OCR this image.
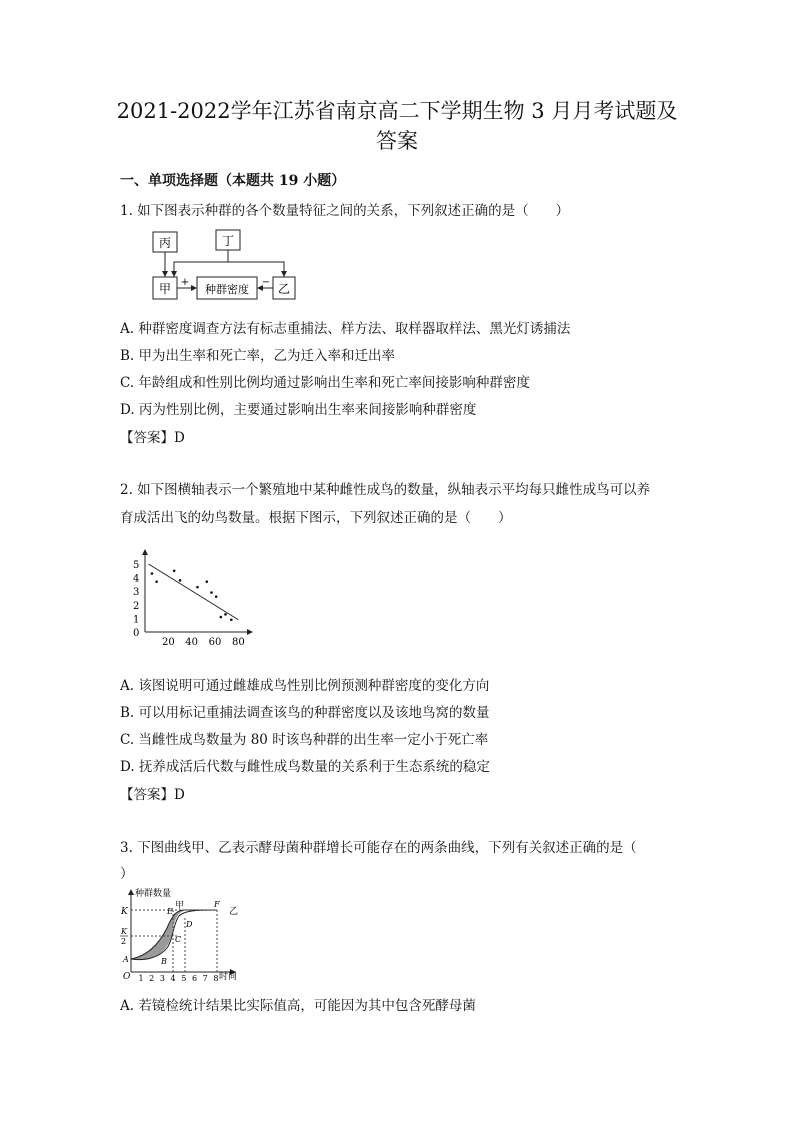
2021-2022学年江苏省南京高二下学期生物 3 月月考试题及
答案
一、单项选择题（本题共 19 小题）
1. 如下图表示种群的各个数量特征之间的关系，下列叙述正确的是（　　）
丙	丁
甲	种群密度 乙
+	−
A. 种群密度调查方法有标志重捕法、样方法、取样器取样法、黑光灯诱捕法
B. 甲为出生率和死亡率，乙为迁入率和迁出率
C. 年龄组成和性别比例均通过影响出生率和死亡率间接影响种群密度
D. 丙为性别比例，主要通过影响出生率来间接影响种群密度
【答案】D
2. 如下图横轴表示一个繁殖地中某种雌性成鸟的数量，纵轴表示平均每只雌性成鸟可以养
育成活出飞的幼鸟数量。根据下图示，下列叙述正确的是（　　）
0
1
2
3
4
5
20 40 60 80
A. 该图说明可通过雌雄成鸟性别比例预测种群密度的变化方向
B. 可以用标记重捕法调查该鸟的种群密度以及该地鸟窝的数量
C. 当雌性成鸟数量为 80 时该鸟种群的出生率一定小于死亡率
D. 抚养成活后代数与雌性成鸟数量的关系利于生态系统的稳定
【答案】D
3. 下图曲线甲、乙表示酵母菌种群增长可能存在的两条曲线，下列有关叙述正确的是（
）
种群数量
时间
K
K
2
O 1 2 3 4 5 6 7 8
甲
乙
A	B
C
D
E
F
A. 若镜检统计结果比实际值高，可能因为其中包含死酵母菌
